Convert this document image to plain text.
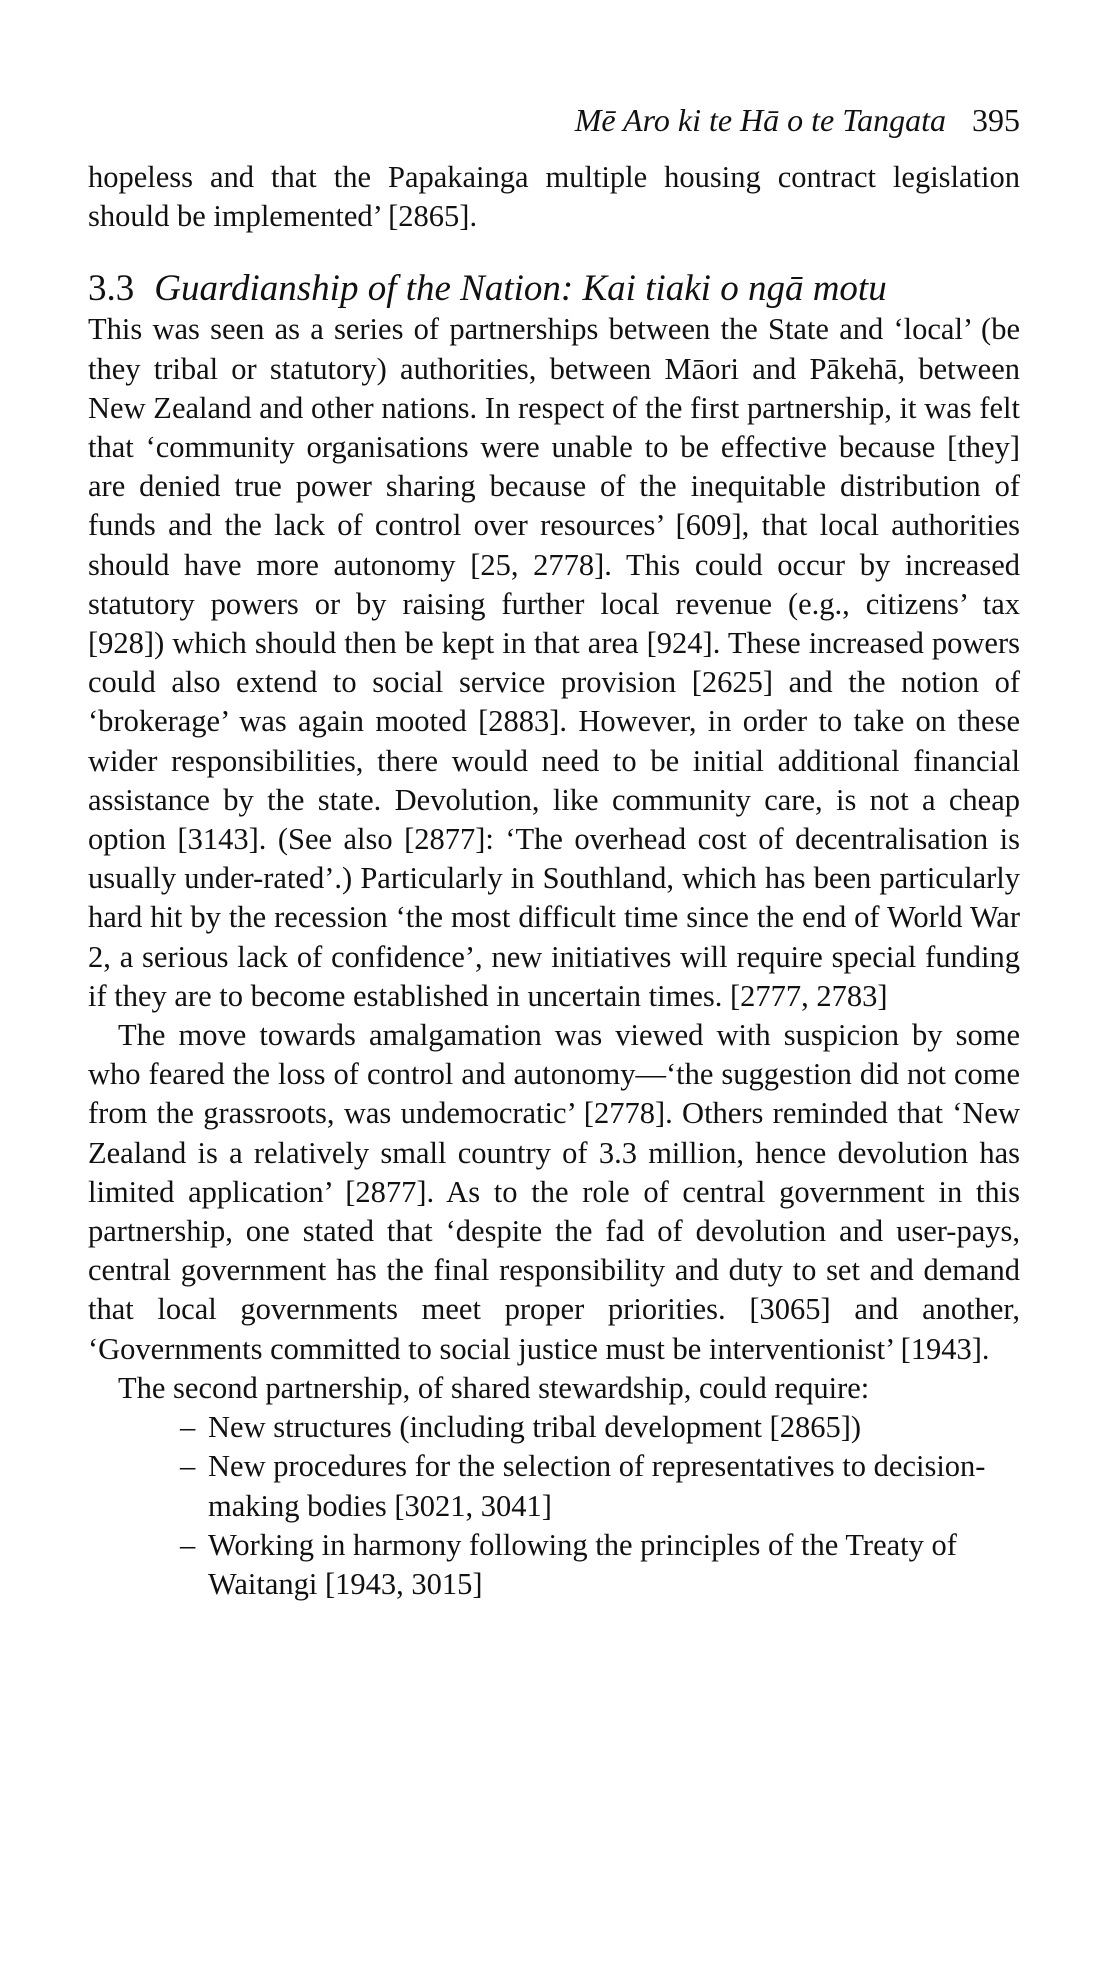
Mē Aro ki te Hā o te Tangata 395

hopeless and that the Papakainga multiple housing contract legislation should be implemented’ [2865].

3.3 Guardianship of the Nation: Kai tiaki o ngā motu

This was seen as a series of partnerships between the State and ‘local’ (be they tribal or statutory) authorities, between Māori and Pākehā, between New Zealand and other nations. In respect of the first partnership, it was felt that ‘community organisations were unable to be effective because [they] are denied true power sharing because of the inequitable distribution of funds and the lack of control over resources’ [609], that local authorities should have more autonomy [25, 2778]. This could occur by increased statutory powers or by raising further local revenue (e.g., citizens’ tax [928]) which should then be kept in that area [924]. These increased powers could also extend to social service provision [2625] and the notion of ‘brokerage’ was again mooted [2883]. However, in order to take on these wider responsibilities, there would need to be initial additional financial assistance by the state. Devolution, like community care, is not a cheap option [3143]. (See also [2877]: ‘The overhead cost of decentralisation is usually under-rated’.) Particularly in Southland, which has been particularly hard hit by the recession ‘the most difficult time since the end of World War 2, a serious lack of confidence’, new initiatives will require special funding if they are to become established in uncertain times. [2777, 2783]

The move towards amalgamation was viewed with suspicion by some who feared the loss of control and autonomy—‘the suggestion did not come from the grassroots, was undemocratic’ [2778]. Others reminded that ‘New Zealand is a relatively small country of 3.3 million, hence devolution has limited application’ [2877]. As to the role of central government in this partnership, one stated that ‘despite the fad of devolution and user-pays, central government has the final responsibility and duty to set and demand that local governments meet proper priorities. [3065] and another, ‘Governments committed to social justice must be interventionist’ [1943].

The second partnership, of shared stewardship, could require:

– New structures (including tribal development [2865])
– New procedures for the selection of representatives to decision-making bodies [3021, 3041]
– Working in harmony following the principles of the Treaty of Waitangi [1943, 3015]
